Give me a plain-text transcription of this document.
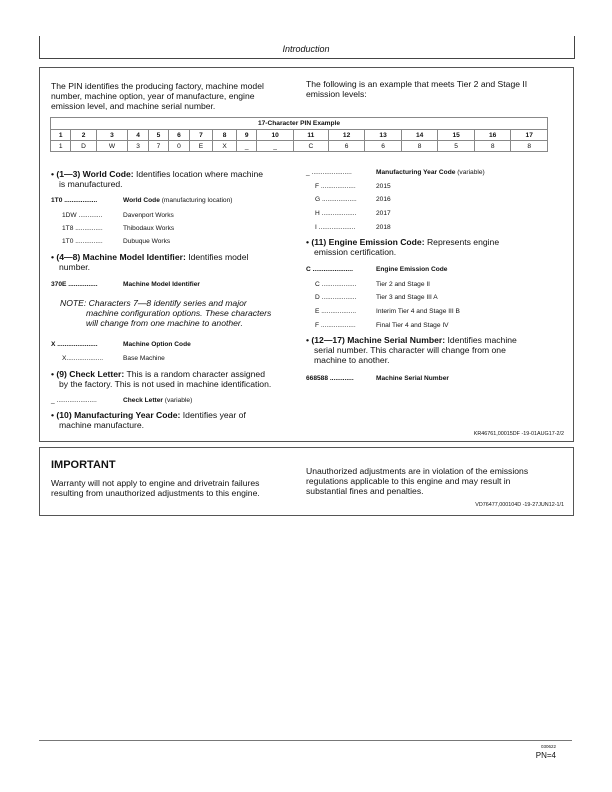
Introduction
The PIN identifies the producing factory, machine model
number, machine option, year of manufacture, engine
emission level, and machine serial number.
The following is an example that meets Tier 2 and Stage II
emission levels:
17-Character PIN Example																
1	2	3	4	5	6	7	8	9	10	11	12	13	14	15	16	17
1	D	W	3	7	0	E	X	_	_	C	6	6	8	5	8	8
• (1—3) World Code: Identifies location where machine
is manufactured.
1T0 ..................	World Code (manufacturing location)
1DW .............	Davenport Works
1T8 ...............	Thibodaux Works
1T0 ...............	Dubuque Works
• (4—8) Machine Model Identifier: Identifies model
number.
370E ................	Machine Model Identifier
NOTE: Characters 7—8 identify series and major
machine configuration options. These characters
will change from one machine to another.
X ......................	Machine Option Code
X....................	Base Machine
• (9) Check Letter: This is a random character assigned
by the factory. This is not used in machine identification.
_ ......................	Check Letter (variable)
• (10) Manufacturing Year Code: Identifies year of
machine manufacture.
_ ......................	Manufacturing Year Code (variable)
F ...................	2015
G ...................	2016
H ...................	2017
I ....................	2018
• (11) Engine Emission Code: Represents engine
emission certification.
C ......................	Engine Emission Code
C ...................	Tier 2 and Stage II
D ...................	Tier 3 and Stage III A
E ...................	Interim Tier 4 and Stage III B
F ...................	Final Tier 4 and Stage IV
• (12—17) Machine Serial Number: Identifies machine
serial number. This character will change from one
machine to another.
668588 .............	Machine Serial Number
KR46761,00015DF -19-01AUG17-2/2
IMPORTANT
Warranty will not apply to engine and drivetrain failures
resulting from unauthorized adjustments to this engine.
Unauthorized adjustments are in violation of the emissions
regulations applicable to this engine and may result in
substantial fines and penalties.
VD76477,000104D -19-27JUN12-1/1
030622
PN=4
